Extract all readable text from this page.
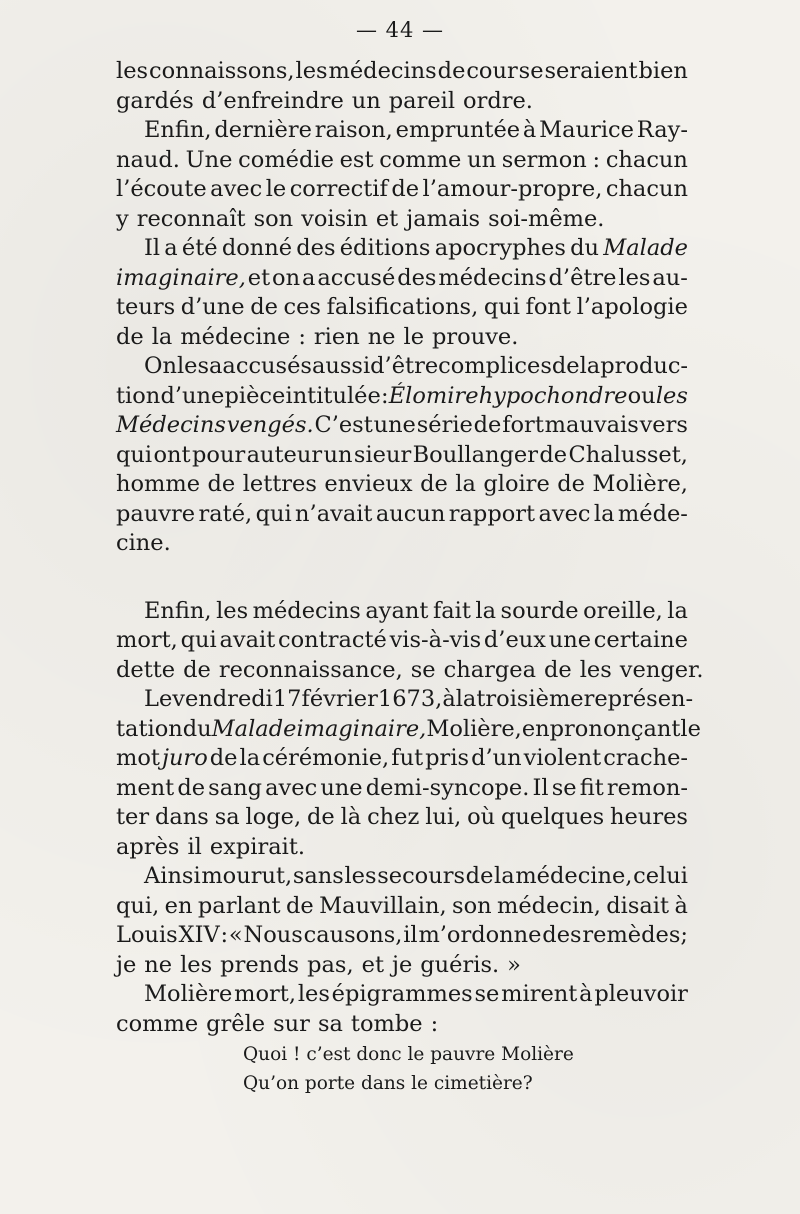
— 44 —
les connaissons, les médecins de cour se seraient bien
gardés d’enfreindre un pareil ordre.
Enfin, dernière raison, empruntée à Maurice Ray-
naud. Une comédie est comme un sermon : chacun
l’écoute avec le correctif de l’amour-propre, chacun
y reconnaît son voisin et jamais soi-même.
Il a été donné des éditions apocryphes du Malade
imaginaire, et on a accusé des médecins d’être les au-
teurs d’une de ces falsifications, qui font l’apologie
de la médecine : rien ne le prouve.
On les a accusés aussi d’être complices de la produc-
tion d’une pièce intitulée : Élomire hypochondre ou les
Médecins vengés. C’est une série de fort mauvais vers
qui ont pour auteur un sieur Boullanger de Chalusset,
homme de lettres envieux de la gloire de Molière,
pauvre raté, qui n’avait aucun rapport avec la méde-
cine.
Enfin, les médecins ayant fait la sourde oreille, la
mort, qui avait contracté vis-à-vis d’eux une certaine
dette de reconnaissance, se chargea de les venger.
Le vendredi 17 février 1673, à la troisième représen-
tation du Malade imaginaire, Molière, en prononçant le
mot juro de la cérémonie, fut pris d’un violent crache-
ment de sang avec une demi-syncope. Il se fit remon-
ter dans sa loge, de là chez lui, où quelques heures
après il expirait.
Ainsi mourut, sans les secours de la médecine, celui
qui, en parlant de Mauvillain, son médecin, disait à
Louis XIV : « Nous causons, il m’ordonne des remèdes;
je ne les prends pas, et je guéris. »
Molière mort, les épigrammes se mirent à pleuvoir
comme grêle sur sa tombe :
Quoi ! c’est donc le pauvre Molière
Qu’on porte dans le cimetière?
